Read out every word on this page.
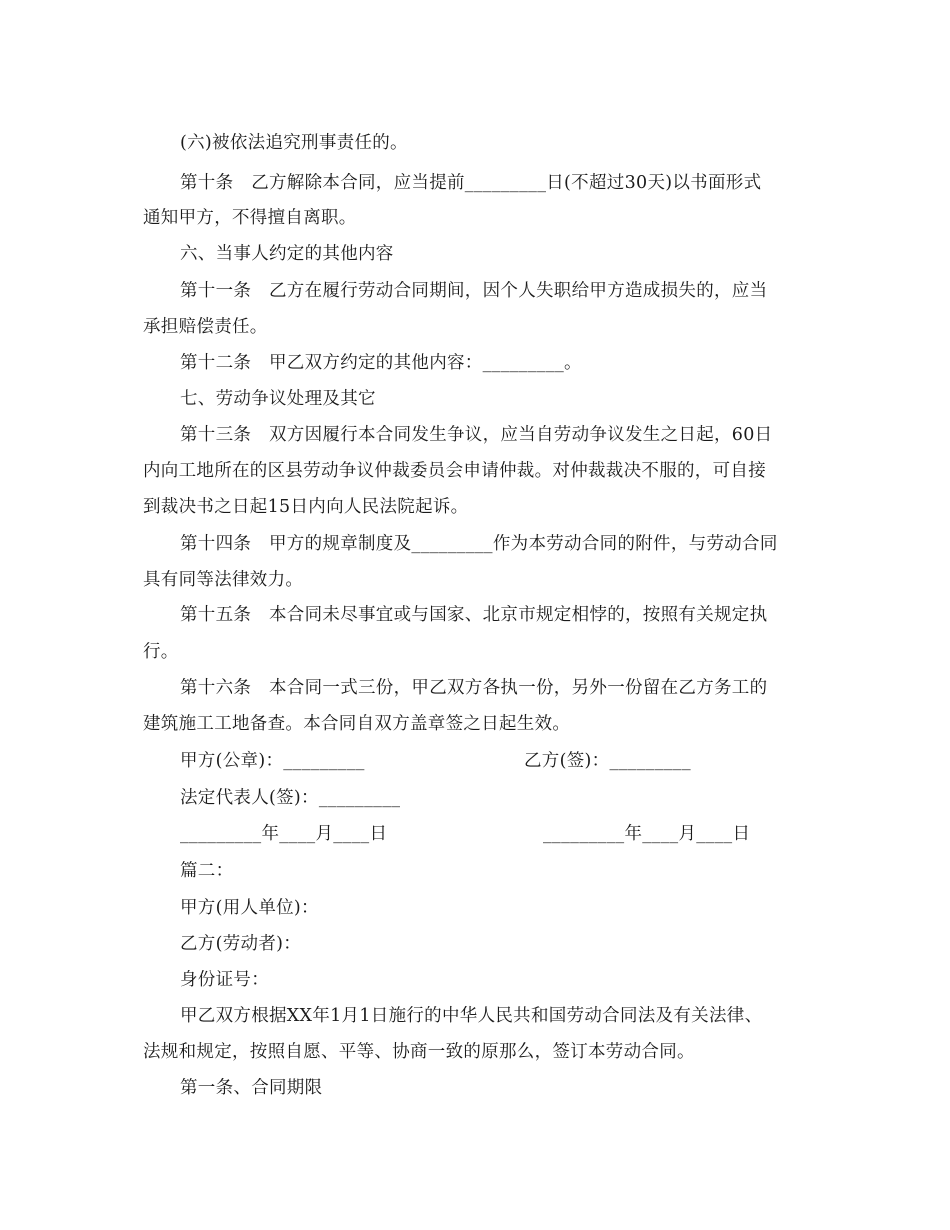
(六)被依法追究刑事责任的。
第十条　乙方解除本合同，应当提前_________日(不超过30天)以书面形式
通知甲方，不得擅自离职。
六、当事人约定的其他内容
第十一条　乙方在履行劳动合同期间，因个人失职给甲方造成损失的，应当
承担赔偿责任。
第十二条　甲乙双方约定的其他内容：_________。
七、劳动争议处理及其它
第十三条　双方因履行本合同发生争议，应当自劳动争议发生之日起，60日
内向工地所在的区县劳动争议仲裁委员会申请仲裁。对仲裁裁决不服的，可自接
到裁决书之日起15日内向人民法院起诉。
第十四条　甲方的规章制度及_________作为本劳动合同的附件，与劳动合同
具有同等法律效力。
第十五条　本合同未尽事宜或与国家、北京市规定相悖的，按照有关规定执
行。
第十六条　本合同一式三份，甲乙双方各执一份，另外一份留在乙方务工的
建筑施工工地备查。本合同自双方盖章签之日起生效。
甲方(公章)：_________	乙方(签)：_________
法定代表人(签)：_________
_________年____月____日	_________年____月____日
篇二：
甲方(用人单位)：
乙方(劳动者)：
身份证号：
甲乙双方根据XX年1月1日施行的中华人民共和国劳动合同法及有关法律、
法规和规定，按照自愿、平等、协商一致的原那么，签订本劳动合同。
第一条、合同期限
